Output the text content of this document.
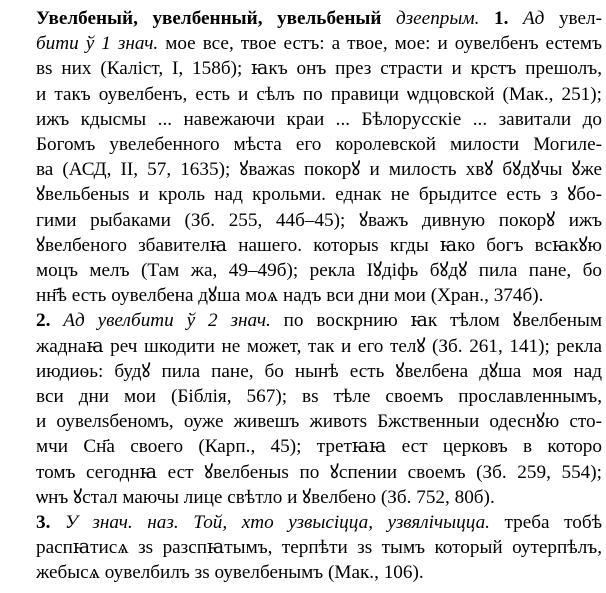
Увелбеный, увелбенный, увельбеный дзеепрым. 1. Ад увел-
бити ў 1 знач. мое все, твое естъ: а твое, мое: и оувелбенъ естемъ
вѕ них (Каліст, I, 158б); ꙗкъ онъ през страсти и крстъ прешолъ,
и такъ оувелбенъ, есть и сѣлъ по правици ѡдцовской (Мак., 251);
ижъ кдысмы ... навежаючи краи ... Бѣлорусскіе ... завитали до
Богомъ увелебенного мѣста его королевской милости Могиле-
ва (АСД, II, 57, 1635); ꙋважаѕ покорꙋ и милость хвꙋ бꙋдꙋчы ꙋже
ꙋвельбеныѕ и кроль над крольми. еднак не брыдитсе есть з ꙋбо-
гими рыбаками (Зб. 255, 44б–45); ꙋважъ дивную покорꙋ ижъ
ꙋвелбеного збавителꙗ нашего. которыѕ кгды ꙗко богъ всꙗкꙋю
моцъ мелъ (Там жа, 49–49б); рекла Іꙋдіфь бꙋдꙋ пила пане, бо
нн҃ѣ есть оувелбена дꙋша моѧ надъ вси дни мои (Хран., 374б).
2. Ад увелбити ў 2 знач. по воскрнию ꙗк тѣлом ꙋвелбеным
жаднаꙗ реч шкодити не может, так и его телꙋ (Зб. 261, 141); рекла
июдиѳь: будꙋ пила пане, бо нынѣ есть ꙋвелбена дꙋша моя над
вси дни мои (Біблія, 567); вѕ тѣле своемъ прославленнымъ,
и оувелѕбеномъ, оуже живешъ животѕ Бжственныи одеснꙋю сто-
мчи Сн҃а своего (Карп., 45); третꙗꙗ ест церковъ в которо
томъ сегоднꙗ ест ꙋвелбеныѕ по ꙋспении своемъ (Зб. 259, 554);
ѡнъ ꙋстал маючы лице свѣтло и ꙋвелбено (Зб. 752, 80б).
3. У знач. наз. Той, хто узвысіцца, узвялічыцца. треба тобѣ
распꙗтисѧ зѕ разспꙗтымъ, терпѣти зѕ тымъ который оутерпѣлъ,
жебысѧ оувелбилъ зѕ оувелбенымъ (Мак., 106).
